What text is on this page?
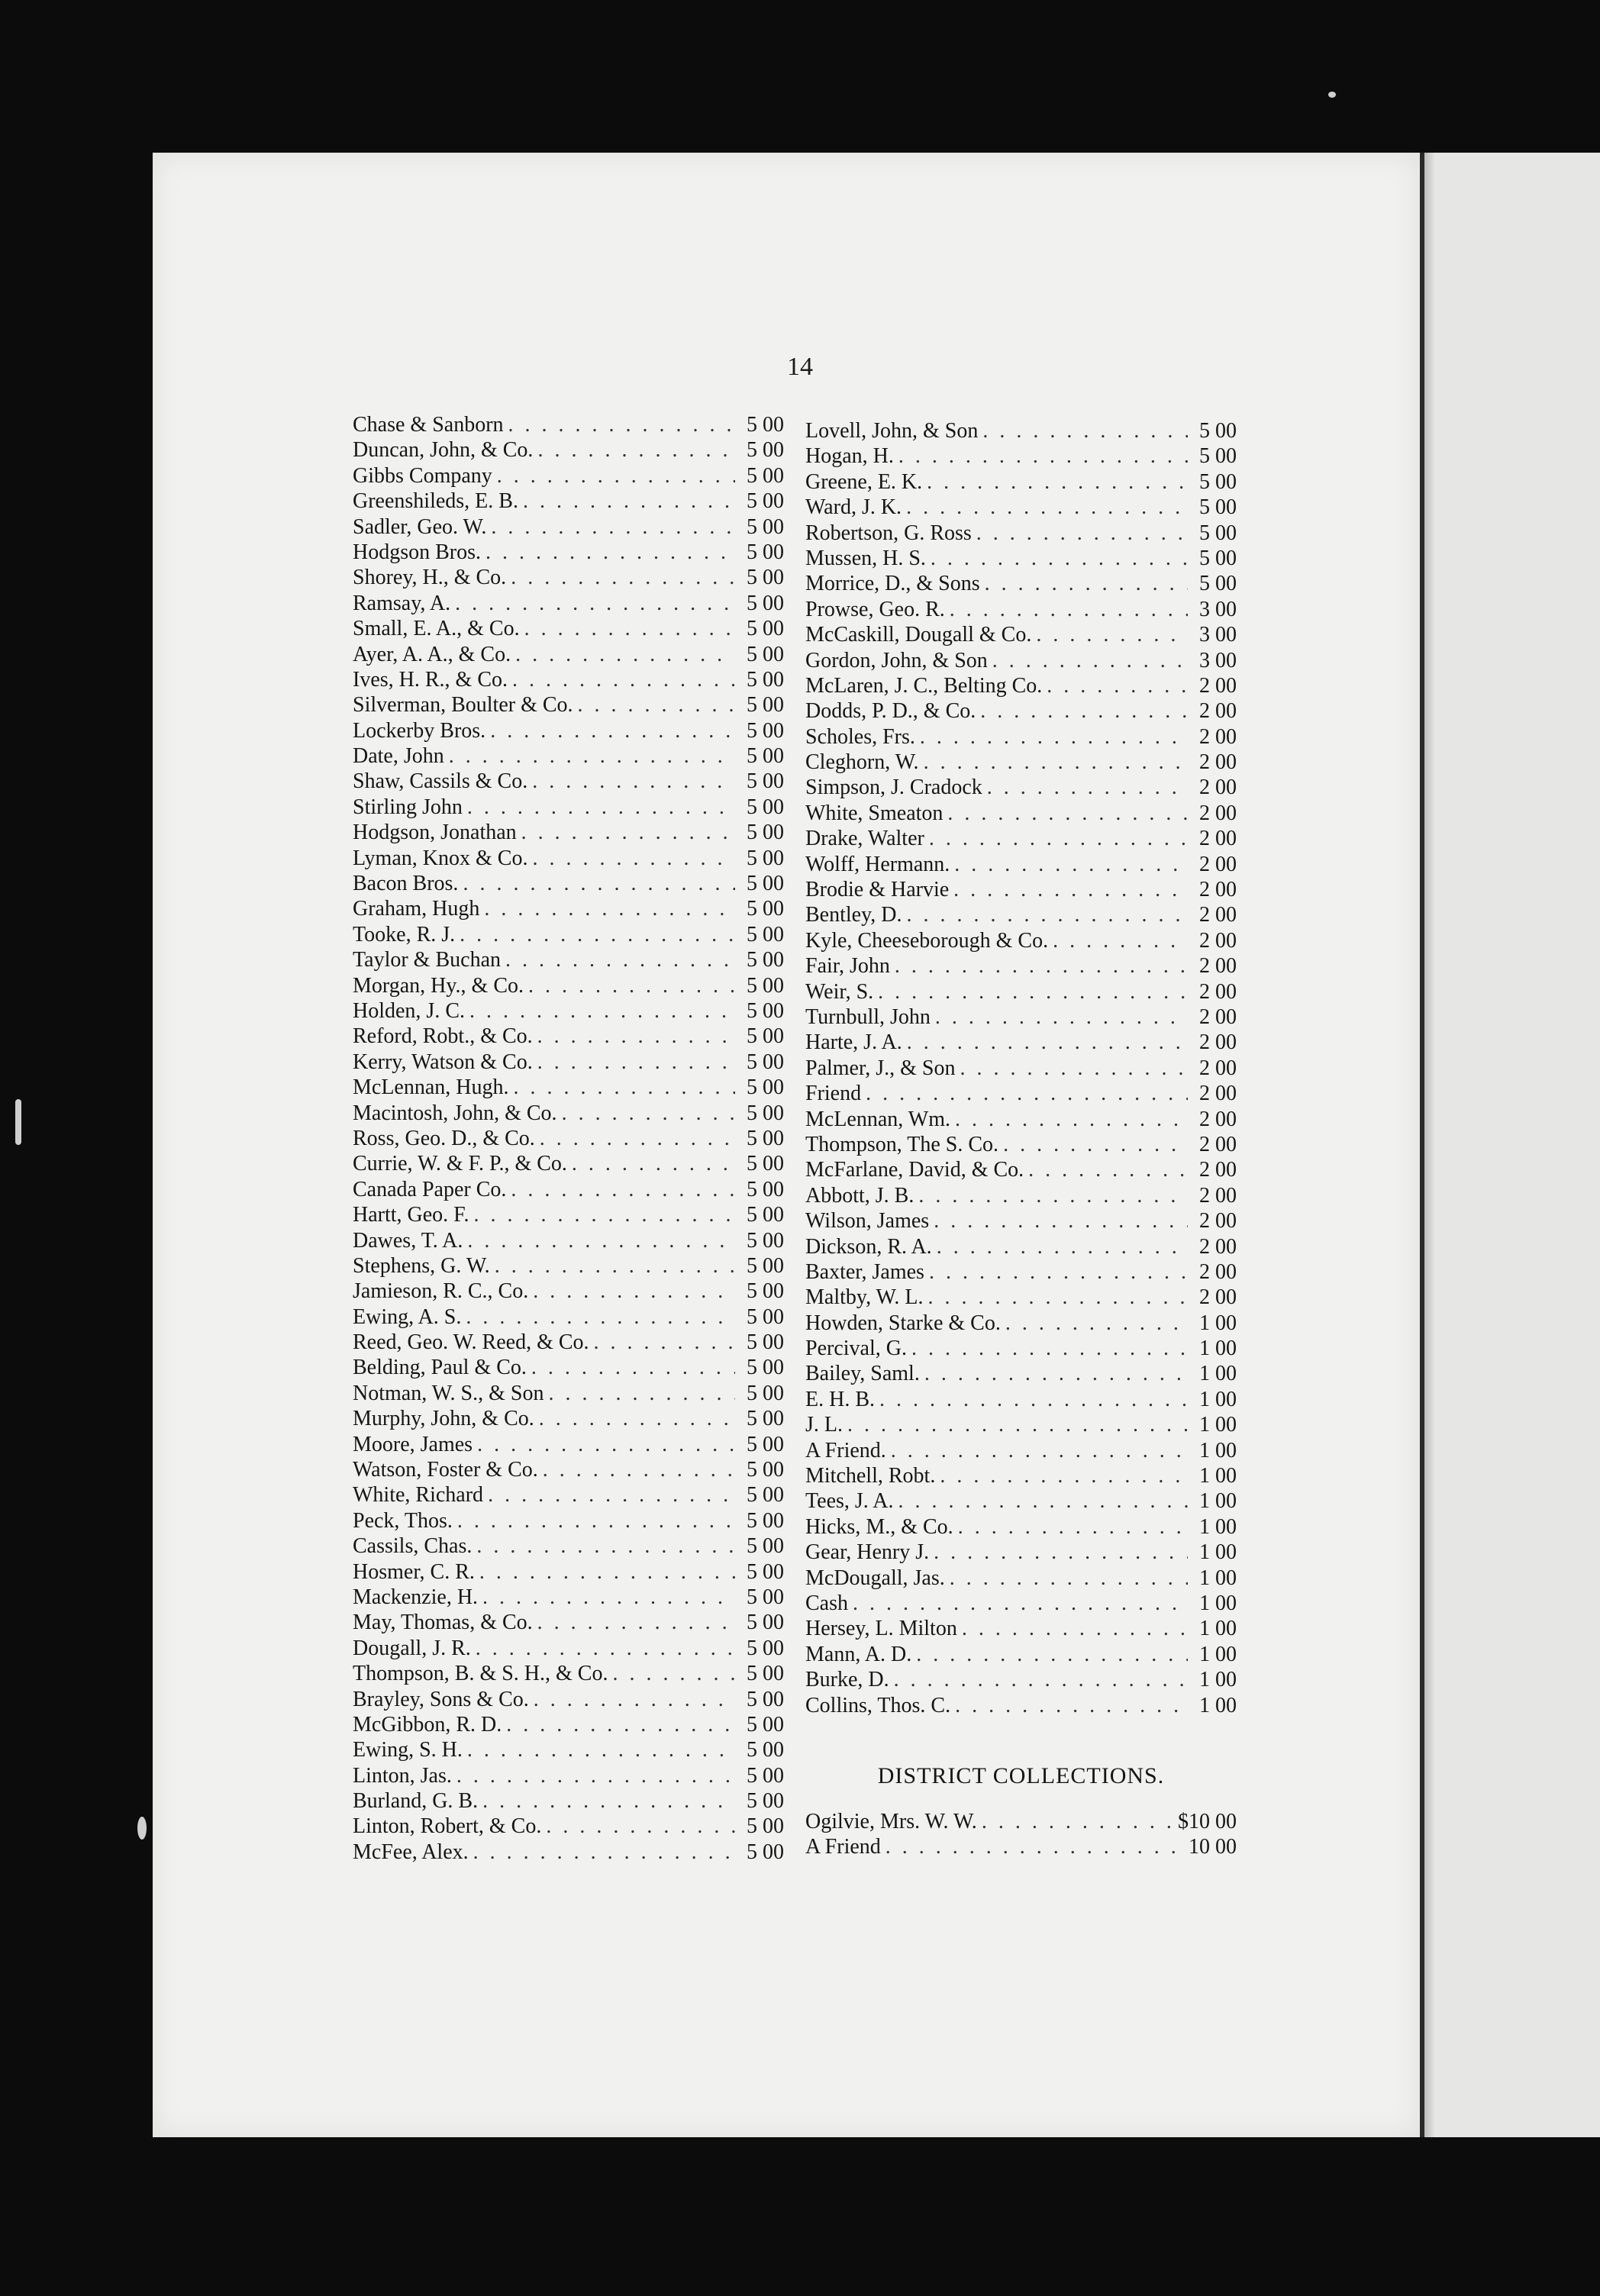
14
Chase & Sanborn . . .	5 00
Duncan, John, & Co. . . .	5 00
Gibbs Company . . .	5 00
Greenshileds, E. B. . . .	5 00
Sadler, Geo. W. . . .	5 00
Hodgson Bros. . . .	5 00
Shorey, H., & Co. . . .	5 00
Ramsay, A. . . .	5 00
Small, E. A., & Co. . . .	5 00
Ayer, A. A., & Co. . . .	5 00
Ives, H. R., & Co. . . .	5 00
Silverman, Boulter & Co. . . .	5 00
Lockerby Bros. . . .	5 00
Date, John . . .	5 00
Shaw, Cassils & Co. . . .	5 00
Stirling John . . .	5 00
Hodgson, Jonathan . . .	5 00
Lyman, Knox & Co. . . .	5 00
Bacon Bros. . . .	5 00
Graham, Hugh . . .	5 00
Tooke, R. J. . . .	5 00
Taylor & Buchan . . .	5 00
Morgan, Hy., & Co. . . .	5 00
Holden, J. C. . . .	5 00
Reford, Robt., & Co. . . .	5 00
Kerry, Watson & Co. . . .	5 00
McLennan, Hugh. . . .	5 00
Macintosh, John, & Co. . . .	5 00
Ross, Geo. D., & Co. . . .	5 00
Currie, W. & F. P., & Co. . . .	5 00
Canada Paper Co. . . .	5 00
Hartt, Geo. F. . . .	5 00
Dawes, T. A. . . .	5 00
Stephens, G. W. . . .	5 00
Jamieson, R. C., Co. . . .	5 00
Ewing, A. S. . . .	5 00
Reed, Geo. W. Reed, & Co. . . .	5 00
Belding, Paul & Co. . . .	5 00
Notman, W. S., & Son . . .	5 00
Murphy, John, & Co. . . .	5 00
Moore, James . . .	5 00
Watson, Foster & Co. . . .	5 00
White, Richard . . .	5 00
Peck, Thos. . . .	5 00
Cassils, Chas. . . .	5 00
Hosmer, C. R. . . .	5 00
Mackenzie, H. . . .	5 00
May, Thomas, & Co. . . .	5 00
Dougall, J. R. . . .	5 00
Thompson, B. & S. H., & Co. . . .	5 00
Brayley, Sons & Co. . . .	5 00
McGibbon, R. D. . . .	5 00
Ewing, S. H. . . .	5 00
Linton, Jas. . . .	5 00
Burland, G. B. . . .	5 00
Linton, Robert, & Co. . . .	5 00
McFee, Alex. . . .	5 00
Lovell, John, & Son . . .	5 00
Hogan, H. . . .	5 00
Greene, E. K. . . .	5 00
Ward, J. K. . . .	5 00
Robertson, G. Ross . . .	5 00
Mussen, H. S. . . .	5 00
Morrice, D., & Sons . . .	5 00
Prowse, Geo. R. . . .	3 00
McCaskill, Dougall & Co. . . .	3 00
Gordon, John, & Son . . .	3 00
McLaren, J. C., Belting Co. . . .	2 00
Dodds, P. D., & Co. . . .	2 00
Scholes, Frs. . . .	2 00
Cleghorn, W. . . .	2 00
Simpson, J. Cradock . . .	2 00
White, Smeaton . . .	2 00
Drake, Walter . . .	2 00
Wolff, Hermann. . . .	2 00
Brodie & Harvie . . .	2 00
Bentley, D. . . .	2 00
Kyle, Cheeseborough & Co. . . .	2 00
Fair, John . . .	2 00
Weir, S. . . .	2 00
Turnbull, John . . .	2 00
Harte, J. A. . . .	2 00
Palmer, J., & Son . . .	2 00
Friend . . .	2 00
McLennan, Wm. . . .	2 00
Thompson, The S. Co. . . .	2 00
McFarlane, David, & Co. . . .	2 00
Abbott, J. B. . . .	2 00
Wilson, James . . .	2 00
Dickson, R. A. . . .	2 00
Baxter, James . . .	2 00
Maltby, W. L. . . .	2 00
Howden, Starke & Co. . . .	1 00
Percival, G. . . .	1 00
Bailey, Saml. . . .	1 00
E. H. B. . . .	1 00
J. L. . . .	1 00
A Friend. . . .	1 00
Mitchell, Robt. . . .	1 00
Tees, J. A. . . .	1 00
Hicks, M., & Co. . . .	1 00
Gear, Henry J. . . .	1 00
McDougall, Jas. . . .	1 00
Cash . . .	1 00
Hersey, L. Milton . . .	1 00
Mann, A. D. . . .	1 00
Burke, D. . . .	1 00
Collins, Thos. C. . . .	1 00
DISTRICT COLLECTIONS.
Ogilvie, Mrs. W. W. . . .	$10 00
A Friend . . .	10 00
